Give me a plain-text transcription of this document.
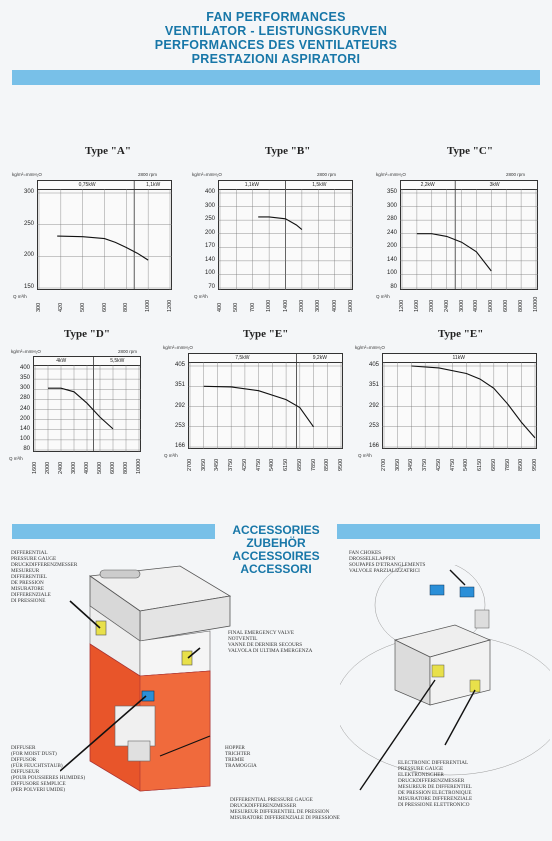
FAN PERFORMANCES
VENTILATOR - LEISTUNGSKURVEN
PERFORMANCES DES VENTILATEURS
PRESTAZIONI ASPIRATORI
Type "A"
kg/m²=mmH₂O	2800 rpm
0,75kW	1,1kW
150
200
250
300
300	420	500	600	800	1000	1200
Q m³/h
Type "B"
kg/m²=mmH₂O	2800 rpm
1,1kW	1,5kW
70
100
140
170
200
250
300
400
400 500 700 1000 1400 2000 3000 4000 5000
Q m³/h
Type "C"
kg/m²=mmH₂O	2800 rpm
2,2kW	3kW
80
100
140
200
240
280
300
350
1200 1600 2000 2400 3000 4000 5000 6000 8000 10000
Q m³/h
Type "D"
kg/m²=mmH₂O	2800 rpm
4kW	5,5kW
80
100
140
200
240
280
300
350
400
1600 2000 2400 3000 4000 5000 6000 8000 10000
Q m³/h
Type "E"
kg/m²=mmH₂O
7,5kW	9,2kW
166
253
292
351
405
2700 3050 3450 3750 4250 4750 5400 6150 6850 7850 8500 9500
Q m³/h
Type "E"
kg/m²=mmH₂O
11kW
166
253
292
351
405
2700 3050 3450 3750 4250 4750 5400 6150 6850 7850 8500 9500
Q m³/h
ACCESSORIES
ZUBEHÖR
ACCESSOIRES
ACCESSORI
DIFFERENTIAL
PRESSURE GAUGE
DRUCKDIFFERENZMESSER
MESUREUR
DIFFERENTIEL
DE PRESSION
MISURATORE
DIFFERENZIALE
DI PRESSIONE
FINAL EMERGENCY VALVE
NOTVENTIL
VANNE DE DERNIER SECOURS
VALVOLA DI ULTIMA EMERGENZA
DIFFUSER
(FOR MOIST DUST)
DIFFUSOR
(FÜR FEUCHTSTAUB)
DIFFUSEUR
(POUR POUSSIERES HUMIDES)
DIFFUSORE SEMPLICE
(PER POLVERI UMIDE)
HOPPER
TRICHTER
TREMIE
TRAMOGGIA
DIFFERENTIAL PRESSURE GAUGE
DRUCKDIFFERENZMESSER
MESUREUR DIFFERENTIEL DE PRESSION
MISURATORE DIFFERENZIALE DI PRESSIONE
FAN CHOKES
DROSSELKLAPPEN
SOUPAPES D'ETRANGLEMENTS
VALVOLE PARZIALIZZATRICI
ELECTRONIC DIFFERENTIAL
PRESSURE GAUGE
ELEKTRONISCHER
DRUCKDIFFERENZMESSER
MESUREUR DE DIFFERENTIEL
DE PRESSION ELECTRONIQUE
MISURATORE DIFFERENZIALE
DI PRESSIONE ELETTRONICO
